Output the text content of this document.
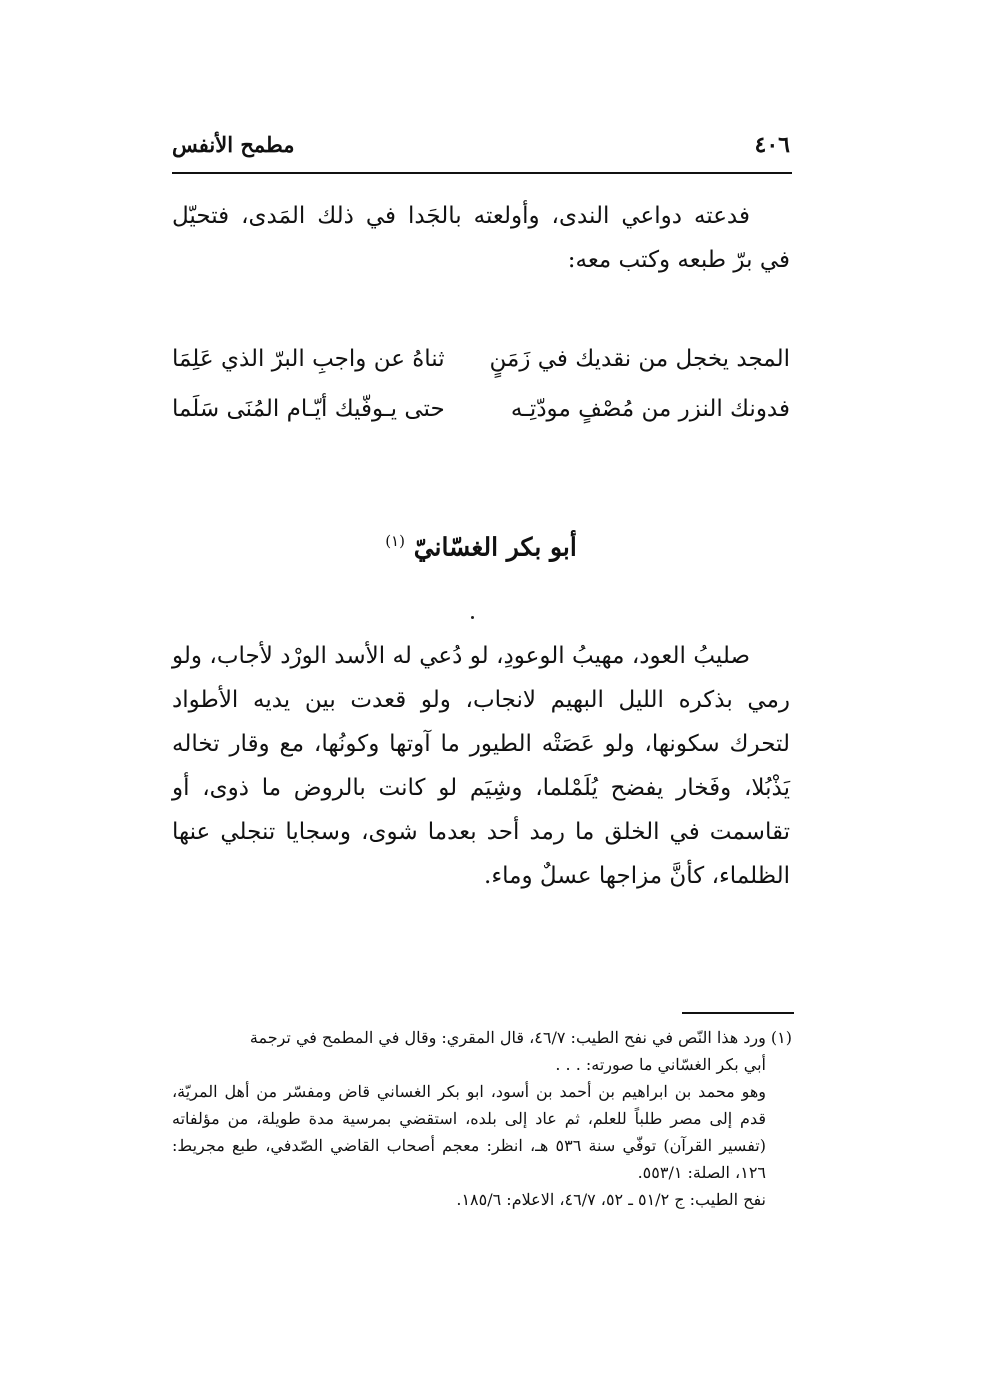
٤٠٦
مطمح الأنفس

فدعته دواعي الندى، وأولعته بالجَدا في ذلك المَدى، فتحيّل في برّ طبعه وكتب معه:

المجد يخجل من نقديك في زَمَنٍ
ثناهُ عن واجبِ البرّ الذي عَلِمَا
فدونك النزر من مُصْفٍ مودّتِـه
حتى يـوفّيك أيّـام المُنَى سَلَما
أبو بكر الغسّانيّ $^{(١)}$

صليبُ العود، مهيبُ الوعودِ، لو دُعي له الأسد الورْد لأجاب، ولو رمي بذكره الليل البهيم لانجاب، ولو قعدت بين يديه الأطواد لتحرك سكونها، ولو عَصَتْه الطيور ما آوتها وكونُها، مع وقار تخاله يَذْبُلا، وفَخار يفضح يُلَمْلما، وشِيَم لو كانت بالروض ما ذوى، أو تقاسمت في الخلق ما رمد أحد بعدما شوى، وسجايا تنجلي عنها الظلماء، كأنَّ مزاجها عسلٌ وماء.

(١) ورد هذا النّص في نفح الطيب: ٤٦/٧، قال المقري: وقال في المطمح في ترجمة

أبي بكر الغسّاني ما صورته: . . .

وهو محمد بن ابراهيم بن أحمد بن أسود، ابو بكر الغساني قاض ومفسّر من أهل المريّة، قدم إلى مصر طلباً للعلم، ثم عاد إلى بلده، استقضي بمرسية مدة طويلة، من مؤلفاته (تفسير القرآن) توفّي سنة ٥٣٦ هـ، انظر: معجم أصحاب القاضي الصّدفي، طبع مجريط: ١٢٦، الصلة: ٥٥٣/١.

نفح الطيب: ج ٥١/٢ ـ ٥٢، ٤٦/٧، الاعلام: ١٨٥/٦.
